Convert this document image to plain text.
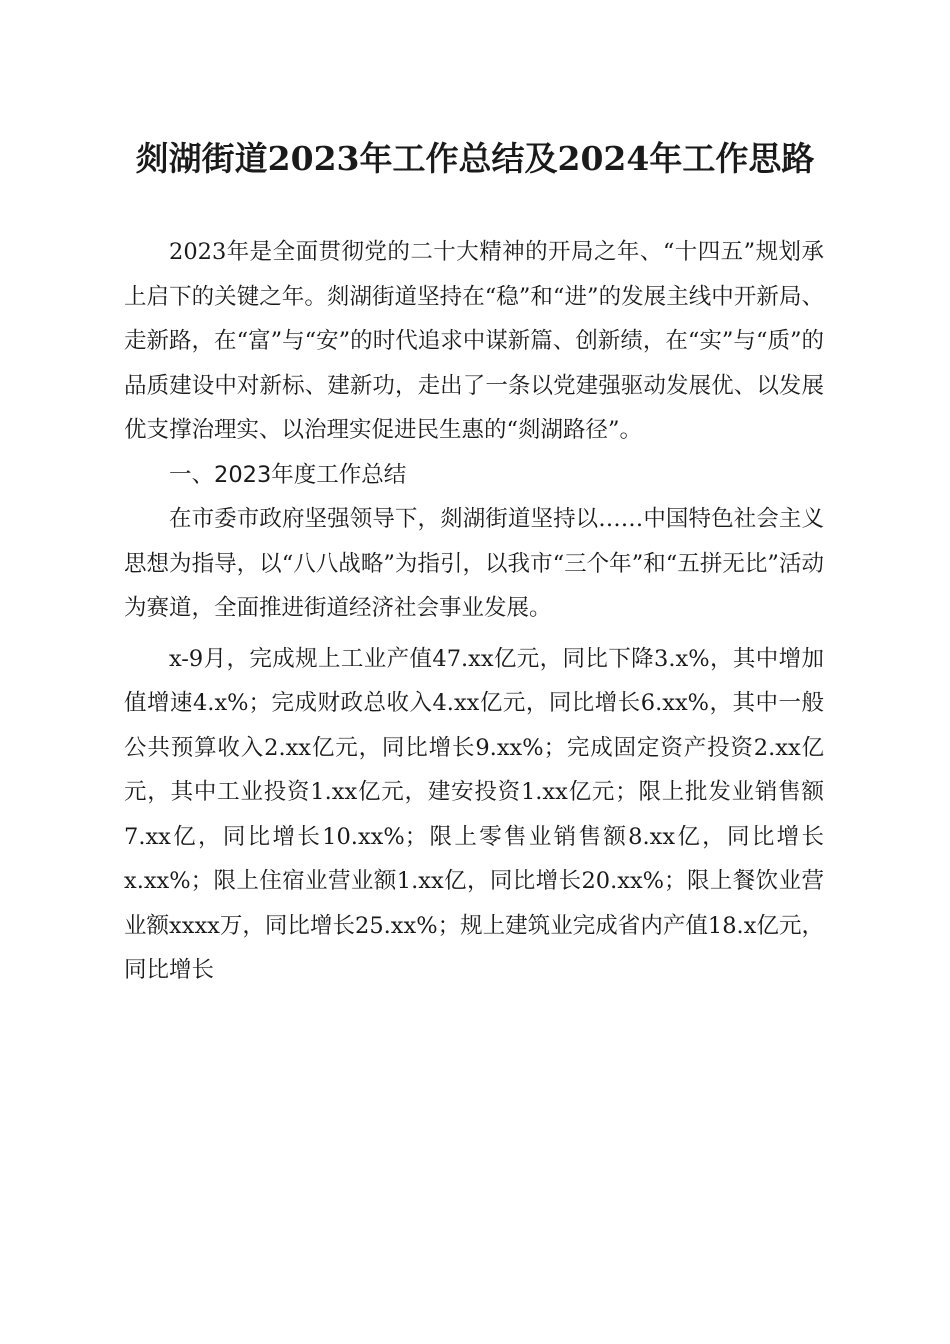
剡湖街道2023年工作总结及2024年工作思路

2023年是全面贯彻党的二十大精神的开局之年、“十四五”规划承上启下的关键之年。剡湖街道坚持在“稳”和“进”的发展主线中开新局、走新路，在“富”与“安”的时代追求中谋新篇、创新绩，在“实”与“质”的品质建设中对新标、建新功，走出了一条以党建强驱动发展优、以发展优支撑治理实、以治理实促进民生惠的“剡湖路径”。

一、2023年度工作总结

在市委市政府坚强领导下，剡湖街道坚持以……中国特色社会主义思想为指导，以“八八战略”为指引，以我市“三个年”和“五拼无比”活动为赛道，全面推进街道经济社会事业发展。

x-9月，完成规上工业产值47.xx亿元，同比下降3.x%，其中增加值增速4.x%；完成财政总收入4.xx亿元，同比增长6.xx%，其中一般公共预算收入2.xx亿元，同比增长9.xx%；完成固定资产投资2.xx亿元，其中工业投资1.xx亿元，建安投资1.xx亿元；限上批发业销售额7.xx亿，同比增长10.xx%；限上零售业销售额8.xx亿，同比增长x.xx%；限上住宿业营业额1.xx亿，同比增长20.xx%；限上餐饮业营业额xxxx万，同比增长25.xx%；规上建筑业完成省内产值18.x亿元，同比增长
